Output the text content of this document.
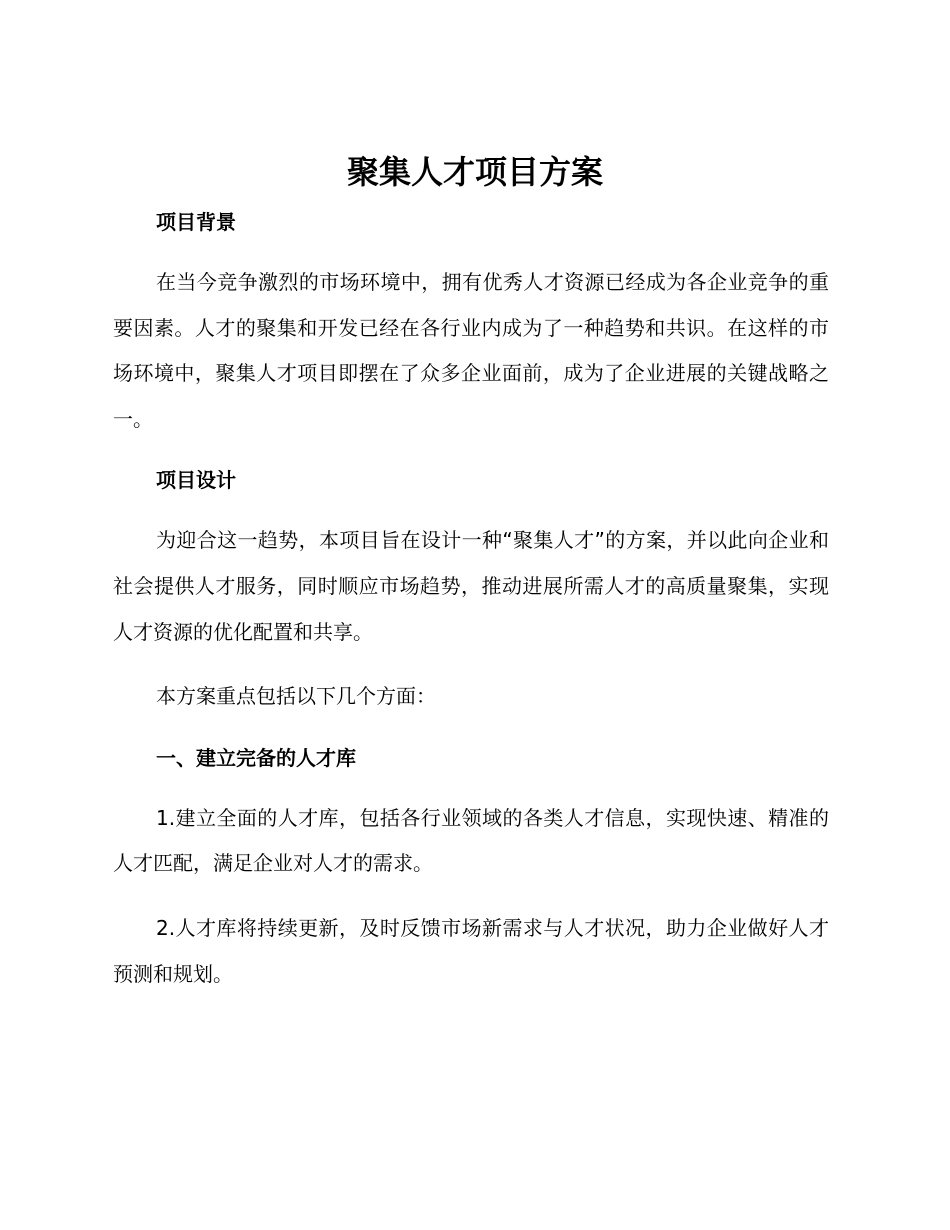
聚集人才项目方案

项目背景

在当今竞争激烈的市场环境中，拥有优秀人才资源已经成为各企业竞争的重要因素。人才的聚集和开发已经在各行业内成为了一种趋势和共识。在这样的市场环境中，聚集人才项目即摆在了众多企业面前，成为了企业进展的关键战略之一。

项目设计

为迎合这一趋势，本项目旨在设计一种“聚集人才”的方案，并以此向企业和社会提供人才服务，同时顺应市场趋势，推动进展所需人才的高质量聚集，实现人才资源的优化配置和共享。

本方案重点包括以下几个方面：

一、建立完备的人才库

1.建立全面的人才库，包括各行业领域的各类人才信息，实现快速、精准的人才匹配，满足企业对人才的需求。

2.人才库将持续更新，及时反馈市场新需求与人才状况，助力企业做好人才预测和规划。
